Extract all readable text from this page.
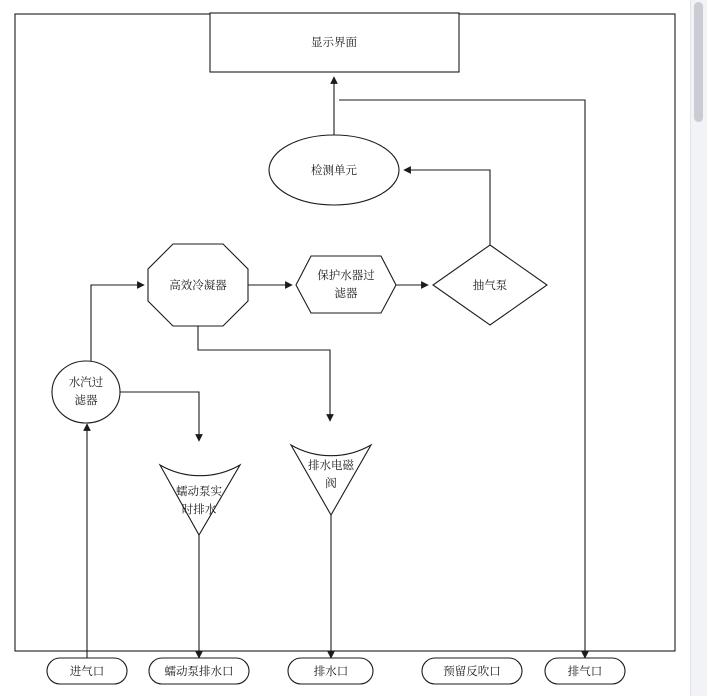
显示界面
检测单元
高效冷凝器
保护水器过
滤器
抽气泵
水汽过
滤器
蠕动泵实
时排水
排水电磁
阀
进气口	蠕动泵排水口	排水口	预留反吹口	排气口
